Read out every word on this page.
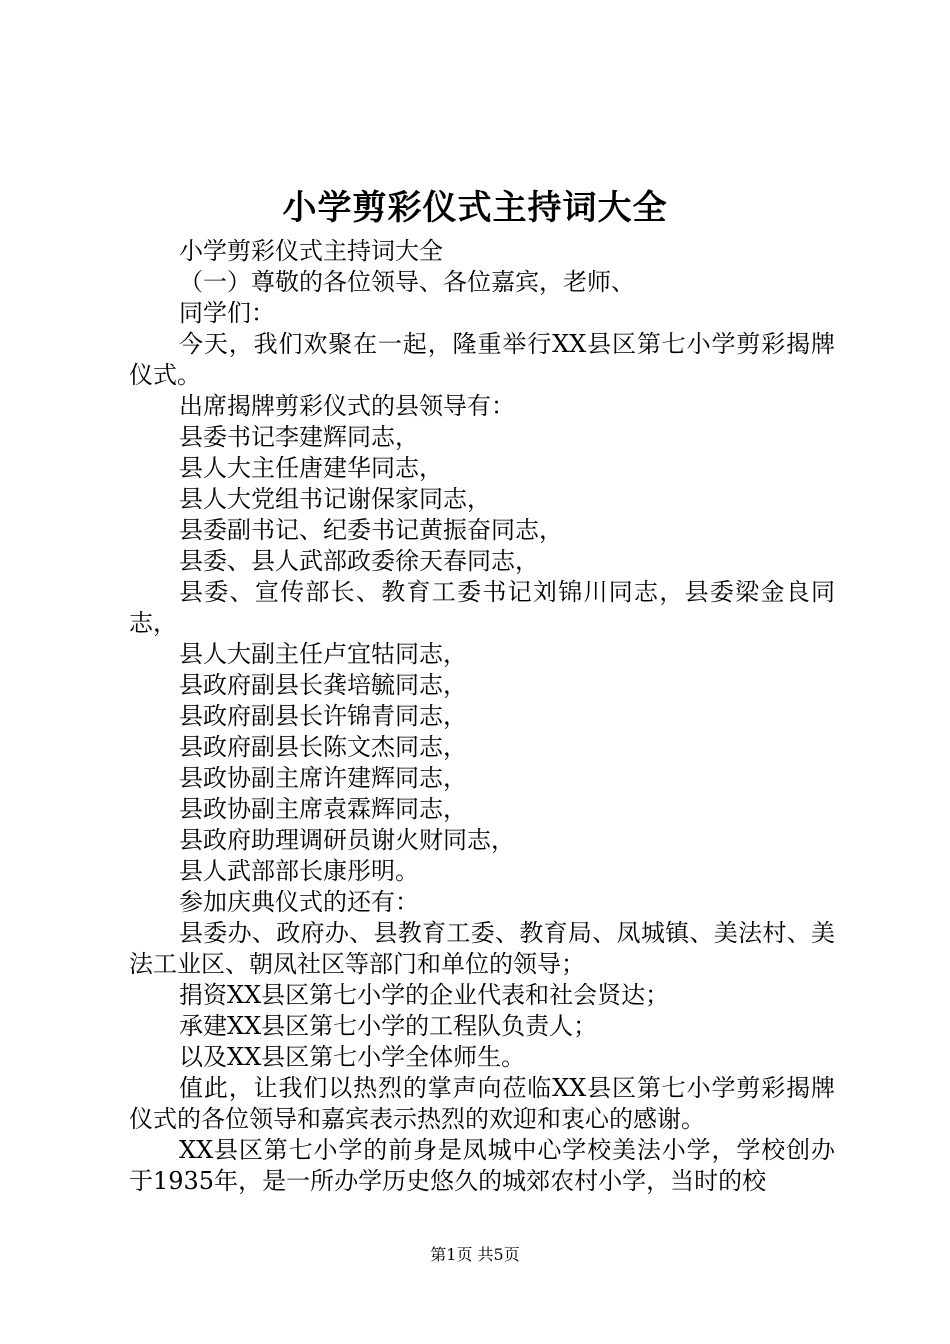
小学剪彩仪式主持词大全

小学剪彩仪式主持词大全

（一）尊敬的各位领导、各位嘉宾，老师、

同学们：

今天，我们欢聚在一起，隆重举行XX县区第七小学剪彩揭牌仪式。

出席揭牌剪彩仪式的县领导有：

县委书记李建辉同志，

县人大主任唐建华同志，

县人大党组书记谢保家同志，

县委副书记、纪委书记黄振奋同志，

县委、县人武部政委徐天春同志，

县委、宣传部长、教育工委书记刘锦川同志，县委梁金良同志，

县人大副主任卢宜牯同志，

县政府副县长龚培毓同志，

县政府副县长许锦青同志，

县政府副县长陈文杰同志，

县政协副主席许建辉同志，

县政协副主席袁霖辉同志，

县政府助理调研员谢火财同志，

县人武部部长康彤明。

参加庆典仪式的还有：

县委办、政府办、县教育工委、教育局、凤城镇、美法村、美法工业区、朝凤社区等部门和单位的领导；

捐资XX县区第七小学的企业代表和社会贤达；

承建XX县区第七小学的工程队负责人；

以及XX县区第七小学全体师生。

值此，让我们以热烈的掌声向莅临XX县区第七小学剪彩揭牌仪式的各位领导和嘉宾表示热烈的欢迎和衷心的感谢。

XX县区第七小学的前身是凤城中心学校美法小学，学校创办于1935年，是一所办学历史悠久的城郊农村小学，当时的校

第1页 共5页
